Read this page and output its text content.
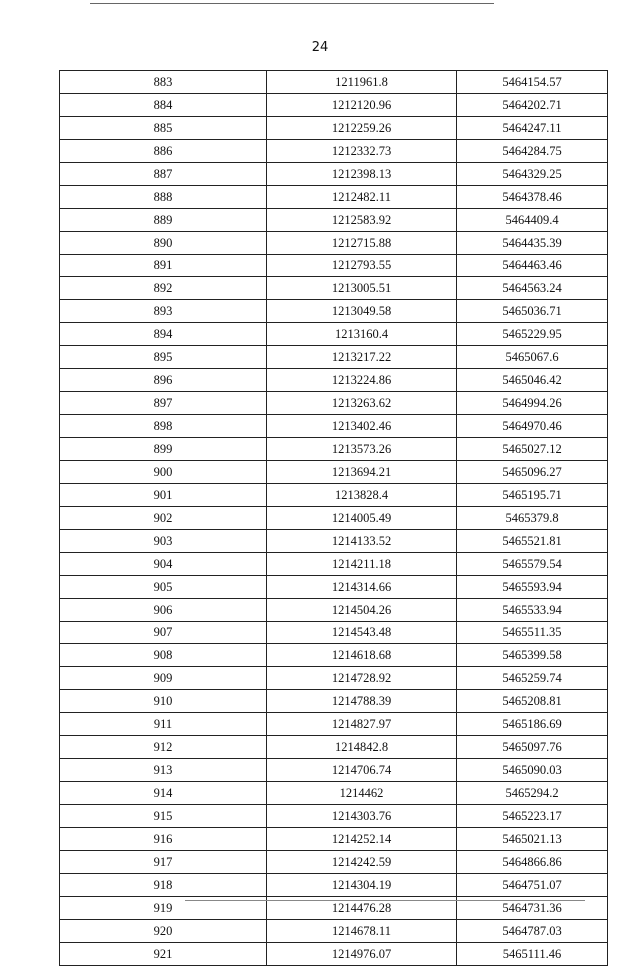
24
883	1211961.8	5464154.57
884	1212120.96	5464202.71
885	1212259.26	5464247.11
886	1212332.73	5464284.75
887	1212398.13	5464329.25
888	1212482.11	5464378.46
889	1212583.92	5464409.4
890	1212715.88	5464435.39
891	1212793.55	5464463.46
892	1213005.51	5464563.24
893	1213049.58	5465036.71
894	1213160.4	5465229.95
895	1213217.22	5465067.6
896	1213224.86	5465046.42
897	1213263.62	5464994.26
898	1213402.46	5464970.46
899	1213573.26	5465027.12
900	1213694.21	5465096.27
901	1213828.4	5465195.71
902	1214005.49	5465379.8
903	1214133.52	5465521.81
904	1214211.18	5465579.54
905	1214314.66	5465593.94
906	1214504.26	5465533.94
907	1214543.48	5465511.35
908	1214618.68	5465399.58
909	1214728.92	5465259.74
910	1214788.39	5465208.81
911	1214827.97	5465186.69
912	1214842.8	5465097.76
913	1214706.74	5465090.03
914	1214462	5465294.2
915	1214303.76	5465223.17
916	1214252.14	5465021.13
917	1214242.59	5464866.86
918	1214304.19	5464751.07
919	1214476.28	5464731.36
920	1214678.11	5464787.03
921	1214976.07	5465111.46
